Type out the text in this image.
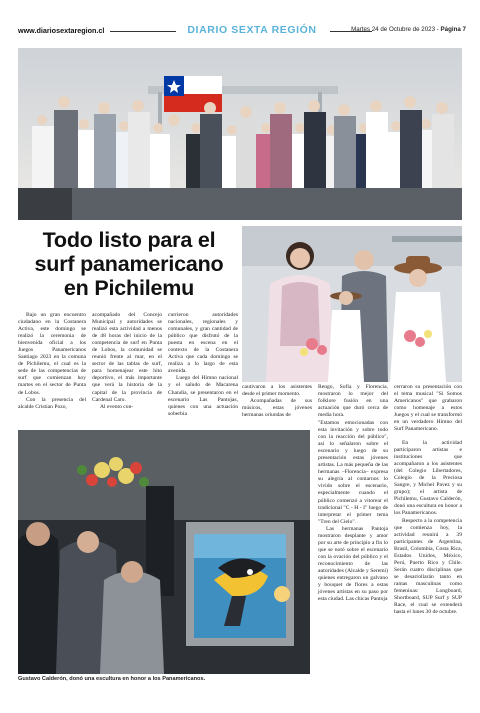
www.diariosextaregion.cl	DIARIO SEXTA REGIÓN	Martes 24 de Octubre de 2023 - Página 7
Todo listo para el
surf panamericano
en Pichilemu

Bajo un gran encuentro ciudadano en la Costanera Activa, este domingo se realizó la ceremonia de bienvenida oficial a los Juegos Panamericanos Santiago 2023 en la comuna de Pichilemu, el cual es la sede de las competencias de surf que comienzan hoy martes en el sector de Punta de Lobos.

Con la presencia del alcalde Cristian Pozo,

acompañado del Concejo Municipal y autoridades se realizó esta actividad a menos de 48 horas del inicio de la competencia de surf en Punta de Lobos, la comunidad se reunió frente al mar, en el sector de las tablas de surf, para homenajear este hito deportivo, el más importante que verá la historia de la capital de la provincia de Cardenal Caro.

Al evento con-

currieron autoridades nacionales, regionales y comunales, y gran cantidad de público que disfrutó de la puesta en escena en el contexto de la Costanera Activa que cada domingo se realiza a lo largo de esta avenida.

Luego del Himno nacional y el saludo de Macarena Chandía, se presentaron en el escenario Las Pantojas, quienes con una actuación soberbia

cautivaron a los asistentes desde el primer momento.

Acompañadas de sus músicos, estas jóvenes hermanas oriundas de

Rengo, Sofía y Florencia, mostraron lo mejor del folklore fusión en una actuación que duró cerca de media hora.

cerraron su presentación con el tema musical "Si Somos Americanos" que grabaron como homenaje a estos Juegos y el cual se transformó en un verdadero Himno del Surf Panamericano.

"Estamos emocionadas con esta invitación y sobre todo con la reacción del público", así lo señalaron sobre el escenario y luego de su presentación estas jóvenes artistas. La más pequeña de las hermanas –Florencia– expresa su alegría al contarnos lo vivido sobre el escenario, especialmente cuando el público comenzó a vitorear el tradicional "C - H - I" luego de interpretar el primer tema "Tren del Cielo".

Las hermanas Pantoja mostraron desplante y amor por su arte de principio a fin lo que se notó sobre el escenario con la ovación del público y el reconocimiento de las autoridades (Alcalde y Seremi) quienes entregaron un galvano y bouquet de flores a estas jóvenes artistas en su paso por esta ciudad. Las chicas Pantoja

En la actividad participaron artistas e instituciones que acompañaron a los asistentes (del Colegio Libertadores, Colegio de la Preciosa Sangre, y Michel Pavez y su grupo); el artista de Pichilemu, Gustavo Calderón, donó una escultura en honor a los Panamericanos.

Respecto a la competencia que comienza hoy, la actividad reunirá a 39 participantes de Argentina, Brasil, Colombia, Costa Rica, Estados Unidos, México, Perú, Puerto Rico y Chile. Serán cuatro disciplinas que se desarrollarán tanto en ramas masculinas como femeninas: Longboard, Shortboard, SUP Surf y SUP Race, el cual se extenderá hasta el lunes 30 de octubre.

Gustavo Calderón, donó una escultura en honor a los Panamericanos.
